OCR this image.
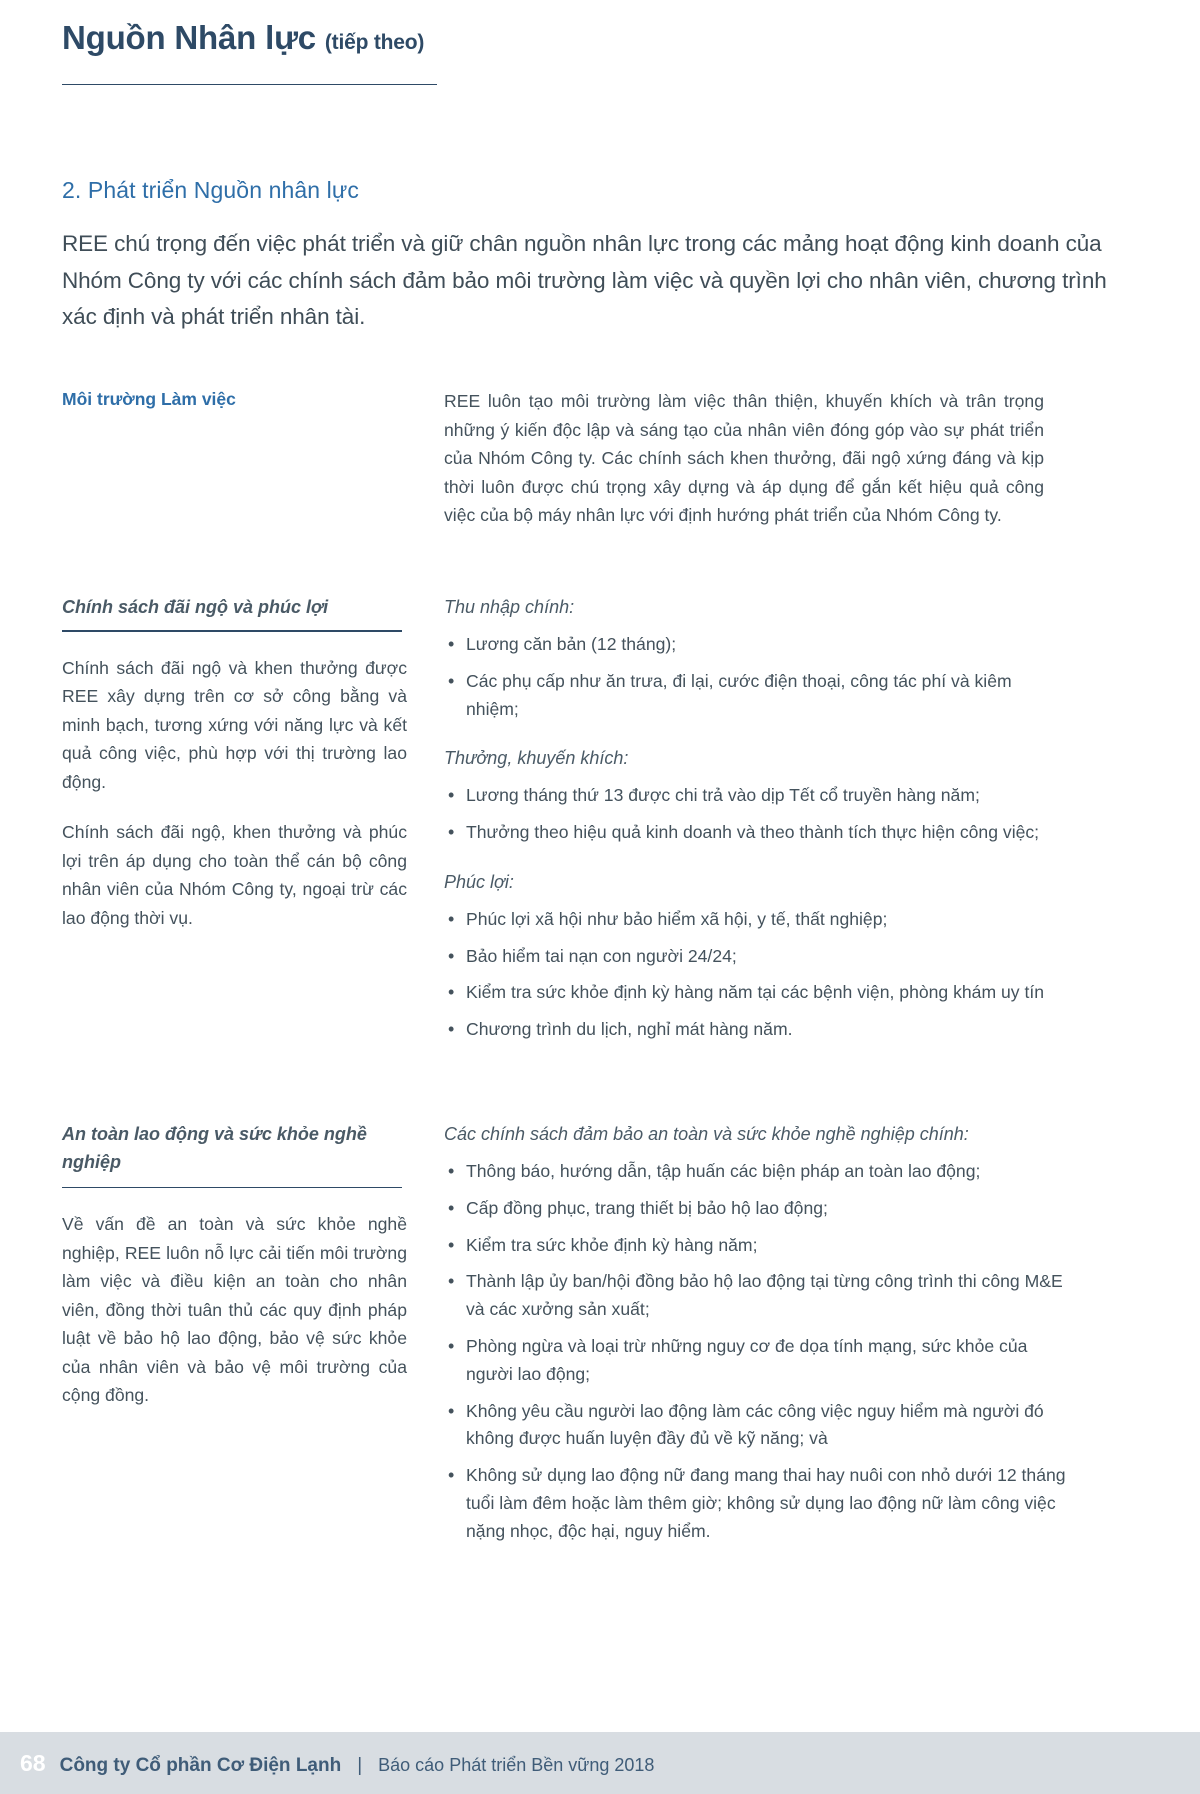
Nguồn Nhân lực (tiếp theo)
2. Phát triển Nguồn nhân lực
REE chú trọng đến việc phát triển và giữ chân nguồn nhân lực trong các mảng hoạt động kinh doanh của Nhóm Công ty với các chính sách đảm bảo môi trường làm việc và quyền lợi cho nhân viên, chương trình xác định và phát triển nhân tài.
Môi trường Làm việc	REE luôn tạo môi trường làm việc thân thiện, khuyến khích và trân trọng những ý kiến độc lập và sáng tạo của nhân viên đóng góp vào sự phát triển của Nhóm Công ty. Các chính sách khen thưởng, đãi ngộ xứng đáng và kịp thời luôn được chú trọng xây dựng và áp dụng để gắn kết hiệu quả công việc của bộ máy nhân lực với định hướng phát triển của Nhóm Công ty.
Chính sách đãi ngộ và phúc lợi
Chính sách đãi ngộ và khen thưởng được REE xây dựng trên cơ sở công bằng và minh bạch, tương xứng với năng lực và kết quả công việc, phù hợp với thị trường lao động.
Chính sách đãi ngộ, khen thưởng và phúc lợi trên áp dụng cho toàn thể cán bộ công nhân viên của Nhóm Công ty, ngoại trừ các lao động thời vụ.
Thu nhập chính:
• Lương căn bản (12 tháng);
• Các phụ cấp như ăn trưa, đi lại, cước điện thoại, công tác phí và kiêm nhiệm;
Thưởng, khuyến khích:
• Lương tháng thứ 13 được chi trả vào dịp Tết cổ truyền hàng năm;
• Thưởng theo hiệu quả kinh doanh và theo thành tích thực hiện công việc;
Phúc lợi:
• Phúc lợi xã hội như bảo hiểm xã hội, y tế, thất nghiệp;
• Bảo hiểm tai nạn con người 24/24;
• Kiểm tra sức khỏe định kỳ hàng năm tại các bệnh viện, phòng khám uy tín
• Chương trình du lịch, nghỉ mát hàng năm.
An toàn lao động và sức khỏe nghề nghiệp
Về vấn đề an toàn và sức khỏe nghề nghiệp, REE luôn nỗ lực cải tiến môi trường làm việc và điều kiện an toàn cho nhân viên, đồng thời tuân thủ các quy định pháp luật về bảo hộ lao động, bảo vệ sức khỏe của nhân viên và bảo vệ môi trường của cộng đồng.
Các chính sách đảm bảo an toàn và sức khỏe nghề nghiệp chính:
• Thông báo, hướng dẫn, tập huấn các biện pháp an toàn lao động;
• Cấp đồng phục, trang thiết bị bảo hộ lao động;
• Kiểm tra sức khỏe định kỳ hàng năm;
• Thành lập ủy ban/hội đồng bảo hộ lao động tại từng công trình thi công M&E và các xưởng sản xuất;
• Phòng ngừa và loại trừ những nguy cơ đe dọa tính mạng, sức khỏe của người lao động;
• Không yêu cầu người lao động làm các công việc nguy hiểm mà người đó không được huấn luyện đầy đủ về kỹ năng; và
• Không sử dụng lao động nữ đang mang thai hay nuôi con nhỏ dưới 12 tháng tuổi làm đêm hoặc làm thêm giờ; không sử dụng lao động nữ làm công việc nặng nhọc, độc hại, nguy hiểm.
68 Công ty Cổ phần Cơ Điện Lạnh | Báo cáo Phát triển Bền vững 2018
